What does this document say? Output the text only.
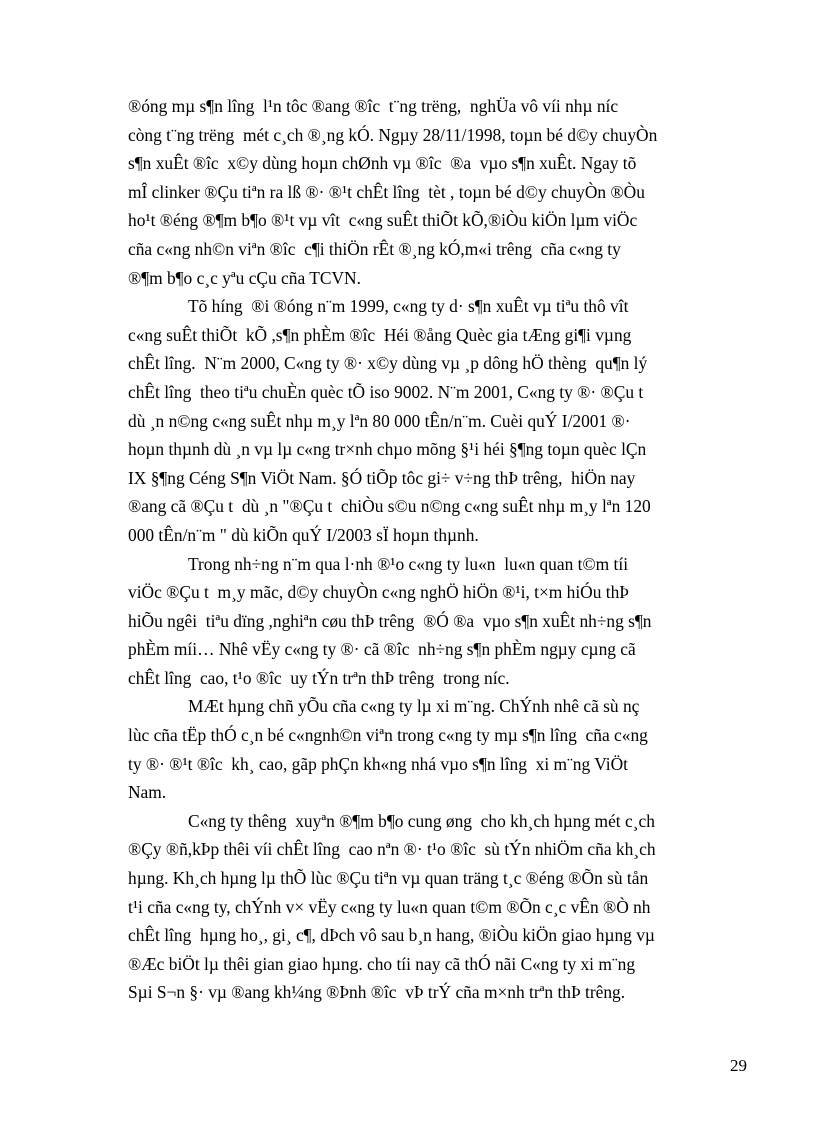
®óng mµ s¶n lîng  l¹n tôc ®ang ®îc  t¨ng trëng,  nghÜa vô víi nhµ níc
còng t¨ng trëng  mét c¸ch ®¸ng kÓ. Ngµy 28/11/1998, toµn bé d©y chuyÒn
s¶n xuÊt ®îc  x©y dùng hoµn chØnh vµ ®îc  ®a  vµo s¶n xuÊt. Ngay tõ
mÎ clinker ®Çu tiªn ra lß ®· ®¹t chÊt lîng  tèt , toµn bé d©y chuyÒn ®Òu
ho¹t ®éng ®¶m b¶o ®¹t vµ vît  c«ng suÊt thiÕt kÕ,®iÒu kiÖn lµm viÖc
cña c«ng nh©n viªn ®îc  c¶i thiÖn rÊt ®¸ng kÓ,m«i trêng  cña c«ng ty
®¶m b¶o c¸c yªu cÇu cña TCVN.
Tõ híng  ®i ®óng n¨m 1999, c«ng ty d· s¶n xuÊt vµ tiªu thô vît
c«ng suÊt thiÕt  kÕ ,s¶n phÈm ®îc  Héi ®ång Quèc gia tÆng gi¶i vµng
chÊt lîng.  N¨m 2000, C«ng ty ®· x©y dùng vµ ¸p dông hÖ thèng  qu¶n lý
chÊt lîng  theo tiªu chuÈn quèc tÕ iso 9002. N¨m 2001, C«ng ty ®· ®Çu t
dù ¸n n©ng c«ng suÊt nhµ m¸y lªn 80 000 tÊn/n¨m. Cuèi quÝ I/2001 ®·
hoµn thµnh dù ¸n vµ lµ c«ng tr×nh chµo mõng §¹i héi §¶ng toµn quèc lÇn
IX §¶ng Céng S¶n ViÖt Nam. §Ó tiÕp tôc gi÷ v÷ng thÞ trêng,  hiÖn nay
®ang cã ®Çu t  dù ¸n "®Çu t  chiÒu s©u n©ng c«ng suÊt nhµ m¸y lªn 120
000 tÊn/n¨m " dù kiÕn quÝ I/2003 sÏ hoµn thµnh.
Trong nh÷ng n¨m qua l·nh ®¹o c«ng ty lu«n  lu«n quan t©m tíi
viÖc ®Çu t  m¸y mãc, d©y chuyÒn c«ng nghÖ hiÖn ®¹i, t×m hiÓu thÞ
hiÕu ngêi  tiªu dïng ,nghiªn cøu thÞ trêng  ®Ó ®a  vµo s¶n xuÊt nh÷ng s¶n
phÈm míi… Nhê vËy c«ng ty ®· cã ®îc  nh÷ng s¶n phÈm ngµy cµng cã
chÊt lîng  cao, t¹o ®îc  uy tÝn trªn thÞ trêng  trong níc.
MÆt hµng chñ yÕu cña c«ng ty lµ xi m¨ng. ChÝnh nhê cã sù nç
lùc cña tËp thÓ c¸n bé c«ngnh©n viªn trong c«ng ty mµ s¶n lîng  cña c«ng
ty ®· ®¹t ®îc  kh¸ cao, gãp phÇn kh«ng nhá vµo s¶n lîng  xi m¨ng ViÖt
Nam.
C«ng ty thêng  xuyªn ®¶m b¶o cung øng  cho kh¸ch hµng mét c¸ch
®Çy ®ñ,kÞp thêi víi chÊt lîng  cao nªn ®· t¹o ®îc  sù tÝn nhiÖm cña kh¸ch
hµng. Kh¸ch hµng lµ thÕ lùc ®Çu tiªn vµ quan träng t¸c ®éng ®Õn sù tån
t¹i cña c«ng ty, chÝnh v× vËy c«ng ty lu«n quan t©m ®Õn c¸c vÊn ®Ò nh
chÊt lîng  hµng ho¸, gi¸ c¶, dÞch vô sau b¸n hang, ®iÒu kiÖn giao hµng vµ
®Æc biÖt lµ thêi gian giao hµng. cho tíi nay cã thÓ nãi C«ng ty xi m¨ng
Sµi S¬n §· vµ ®ang kh¼ng ®Þnh ®îc  vÞ trÝ cña m×nh trªn thÞ trêng.
29
